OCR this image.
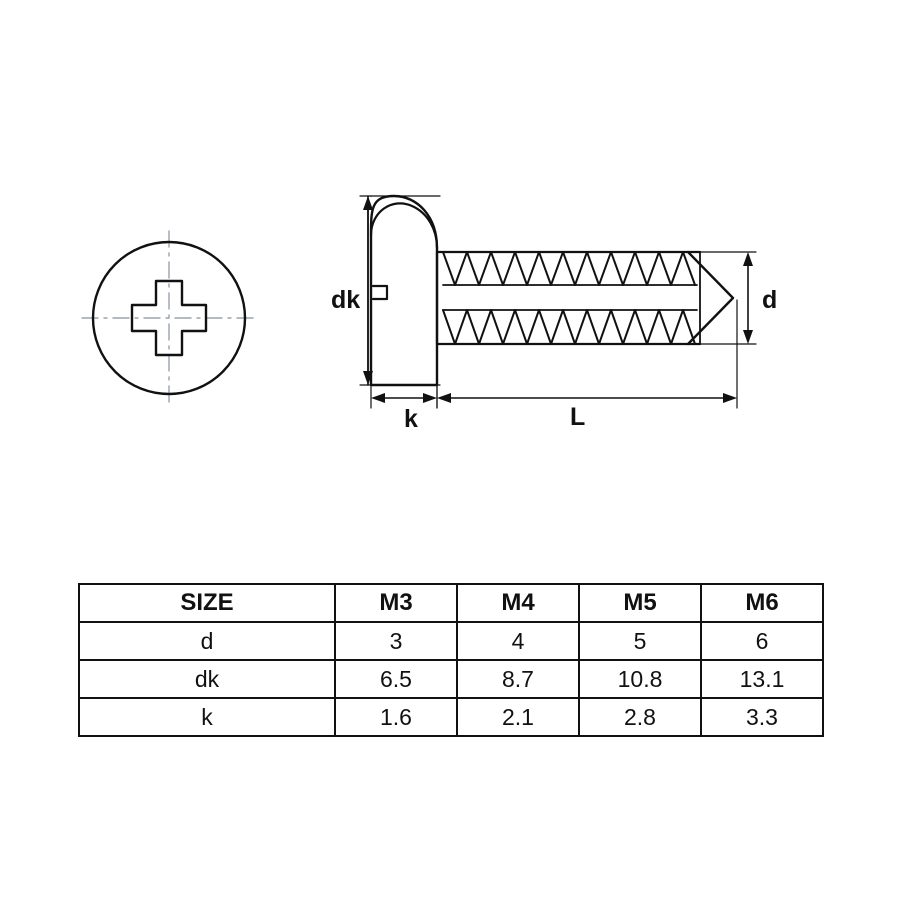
dk	d
k	L
SIZE	M3	M4	M5	M6
d	3	4	5	6
dk	6.5	8.7	10.8	13.1
k	1.6	2.1	2.8	3.3
